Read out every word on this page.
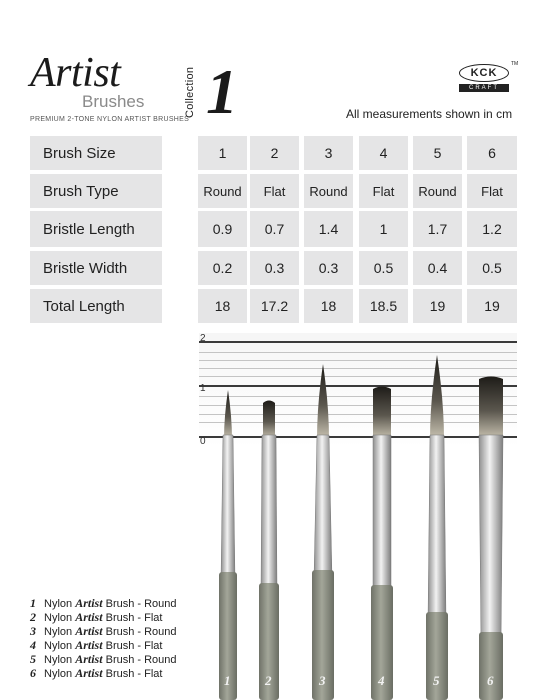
Artist
Brushes
PREMIUM 2-TONE NYLON ARTIST BRUSHES
Collection 1	KCK
CRAFT
TM
All measurements shown in cm
Brush Size	1	2	3	4	5	6
Brush Type	Round	Flat	Round	Flat	Round	Flat
Bristle Length	0.9	0.7	1.4	1	1.7	1.2
Bristle Width	0.2	0.3	0.3	0.5	0.4	0.5
Total Length	18	17.2	18	18.5	19	19
2
1
0
1	2	3	4	5	6
1 Nylon Artist Brush - Round
2 Nylon Artist Brush - Flat
3 Nylon Artist Brush - Round
4 Nylon Artist Brush - Flat
5 Nylon Artist Brush - Round
6 Nylon Artist Brush - Flat
